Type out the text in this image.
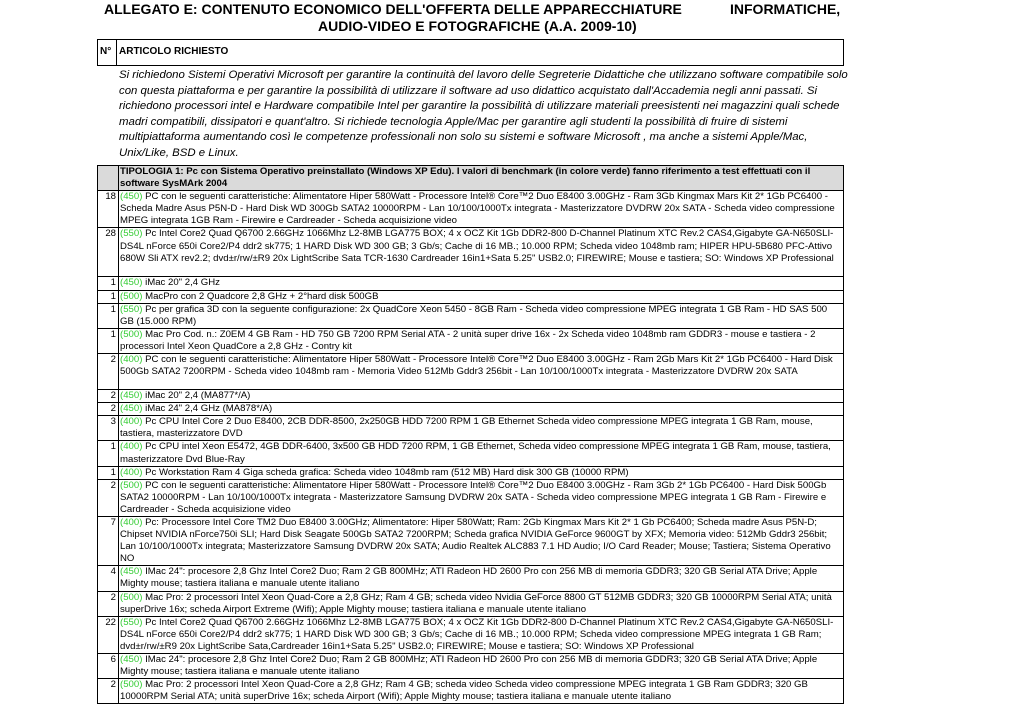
ALLEGATO E: CONTENUTO ECONOMICO DELL'OFFERTA DELLE APPARECCHIATURE	INFORMATICHE,
AUDIO-VIDEO E FOTOGRAFICHE (A.A. 2009-10)
N° ARTICOLO RICHIESTO
Si richiedono Sistemi Operativi Microsoft per garantire la continuità del lavoro delle Segreterie Didattiche che utilizzano software compatibile solo con questa piattaforma e per garantire la possibilità di utilizzare il software ad uso didattico acquistato dall'Accademia negli anni passati. Si richiedono processori intel e Hardware compatibile Intel per garantire la possibilità di utilizzare materiali preesistenti nei magazzini quali schede madri compatibili, dissipatori e quant'altro. Si richiede tecnologia Apple/Mac per garantire agli studenti la possibilità di fruire di sistemi multipiattaforma aumentando così le competenze professionali non solo su sistemi e software Microsoft , ma anche a sistemi Apple/Mac, Unix/Like, BSD e Linux.
	TIPOLOGIA 1: Pc con Sistema Operativo preinstallato (Windows XP Edu). I valori di benchmark (in colore verde) fanno riferimento a test effettuati con il software SysMArk 2004
18	(450) PC con le seguenti caratteristiche: Alimentatore Hiper 580Watt - Processore Intel® Core™2 Duo E8400 3.00GHz - Ram 3Gb Kingmax Mars Kit 2* 1Gb PC6400 - Scheda Madre Asus P5N-D - Hard Disk WD 300Gb SATA2 10000RPM - Lan 10/100/1000Tx integrata - Masterizzatore DVDRW 20x SATA - Scheda video compressione MPEG integrata 1GB Ram - Firewire e Cardreader - Scheda acquisizione video
28	(550) Pc Intel Core2 Quad Q6700 2.66GHz 1066Mhz L2-8MB LGA775 BOX; 4 x OCZ Kit 1Gb DDR2-800 D-Channel Platinum XTC Rev.2 CAS4,Gigabyte GA-N650SLI-DS4L nForce 650i Core2/P4 ddr2 sk775; 1 HARD Disk WD 300 GB; 3 Gb/s; Cache di 16 MB.; 10.000 RPM; Scheda video 1048mb ram; HIPER HPU-5B680 PFC-Attivo 680W Sli ATX rev2.2; dvd±r/rw/±R9 20x LightScribe Sata TCR-1630 Cardreader 16in1+Sata 5.25" USB2.0; FIREWIRE; Mouse e tastiera; SO: Windows XP Professional
1	(450) iMac 20" 2,4 GHz
1	(500) MacPro con 2 Quadcore 2,8 GHz + 2°hard disk 500GB
1	(550) Pc per grafica 3D con la seguente configurazione: 2x QuadCore Xeon 5450 - 8GB Ram - Scheda video compressione MPEG integrata 1 GB Ram - HD SAS 500 GB (15.000 RPM)
1	(500) Mac Pro Cod. n.: Z0EM 4 GB Ram - HD 750 GB 7200 RPM Serial ATA - 2 unità super drive 16x - 2x Scheda video 1048mb ram GDDR3 - mouse e tastiera - 2 processori Intel Xeon QuadCore a 2,8 GHz - Contry kit
2	(400) PC con le seguenti caratteristiche: Alimentatore Hiper 580Watt - Processore Intel® Core™2 Duo E8400 3.00GHz - Ram 2Gb Mars Kit 2* 1Gb PC6400 - Hard Disk 500Gb SATA2 7200RPM - Scheda video 1048mb ram - Memoria Video 512Mb Gddr3 256bit - Lan 10/100/1000Tx integrata - Masterizzatore DVDRW 20x SATA
2	(450) iMac 20" 2,4 (MA877*/A)
2	(450) iMac 24" 2,4 GHz (MA878*/A)
3	(400) Pc CPU Intel Core 2 Duo E8400, 2CB DDR-8500, 2x250GB HDD 7200 RPM 1 GB Ethernet Scheda video compressione MPEG integrata 1 GB Ram, mouse, tastiera, masterizzatore DVD
1	(400) Pc CPU intel Xeon E5472, 4GB DDR-6400, 3x500 GB HDD 7200 RPM, 1 GB Ethernet, Scheda video compressione MPEG integrata 1 GB Ram, mouse, tastiera, masterizzatore Dvd Blue-Ray
1	(400) Pc Workstation Ram 4 Giga scheda grafica: Scheda video 1048mb ram (512 MB) Hard disk 300 GB (10000 RPM)
2	(500) PC con le seguenti caratteristiche: Alimentatore Hiper 580Watt - Processore Intel® Core™2 Duo E8400 3.00GHz - Ram 3Gb 2* 1Gb PC6400 - Hard Disk 500Gb SATA2 10000RPM - Lan 10/100/1000Tx integrata - Masterizzatore Samsung DVDRW 20x SATA - Scheda video compressione MPEG integrata 1 GB Ram - Firewire e Cardreader - Scheda acquisizione video
7	(400) Pc: Processore Intel Core TM2 Duo E8400 3.00GHz; Alimentatore: Hiper 580Watt; Ram: 2Gb Kingmax Mars Kit 2* 1 Gb PC6400; Scheda madre Asus P5N-D; Chipset NVIDIA nForce750i SLI; Hard Disk Seagate 500Gb SATA2 7200RPM; Scheda grafica NVIDIA GeForce 9600GT by XFX; Memoria video: 512Mb Gddr3 256bit; Lan 10/100/1000Tx integrata; Masterizzatore Samsung DVDRW 20x SATA; Audio Realtek ALC883 7.1 HD Audio; I/O Card Reader; Mouse; Tastiera; Sistema Operativo NO
4	(450) IMac 24": procesore 2,8 Ghz Intel Core2 Duo; Ram 2 GB 800MHz; ATI Radeon HD 2600 Pro con 256 MB di memoria GDDR3; 320 GB Serial ATA Drive; Apple Mighty mouse; tastiera italiana e manuale utente italiano
2	(500) Mac Pro: 2 processori Intel Xeon Quad-Core a 2,8 GHz; Ram 4 GB; scheda video Nvidia GeForce 8800 GT 512MB GDDR3; 320 GB 10000RPM Serial ATA; unità superDrive 16x; scheda Airport Extreme (Wifi); Apple Mighty mouse; tastiera italiana e manuale utente italiano
22	(550) Pc Intel Core2 Quad Q6700 2.66GHz 1066Mhz L2-8MB LGA775 BOX; 4 x OCZ Kit 1Gb DDR2-800 D-Channel Platinum XTC Rev.2 CAS4,Gigabyte GA-N650SLI-DS4L nForce 650i Core2/P4 ddr2 sk775; 1 HARD Disk WD 300 GB; 3 Gb/s; Cache di 16 MB.; 10.000 RPM; Scheda video compressione MPEG integrata 1 GB Ram; dvd±r/rw/±R9 20x LightScribe Sata,Cardreader 16in1+Sata 5.25" USB2.0; FIREWIRE; Mouse e tastiera; SO: Windows XP Professional
6	(450) IMac 24": procesore 2,8 Ghz Intel Core2 Duo; Ram 2 GB 800MHz; ATI Radeon HD 2600 Pro con 256 MB di memoria GDDR3; 320 GB Serial ATA Drive; Apple Mighty mouse; tastiera italiana e manuale utente italiano
2	(500) Mac Pro: 2 processori Intel Xeon Quad-Core a 2,8 GHz; Ram 4 GB; scheda video Scheda video compressione MPEG integrata 1 GB Ram GDDR3; 320 GB 10000RPM Serial ATA; unità superDrive 16x; scheda Airport (Wifi); Apple Mighty mouse; tastiera italiana e manuale utente italiano
